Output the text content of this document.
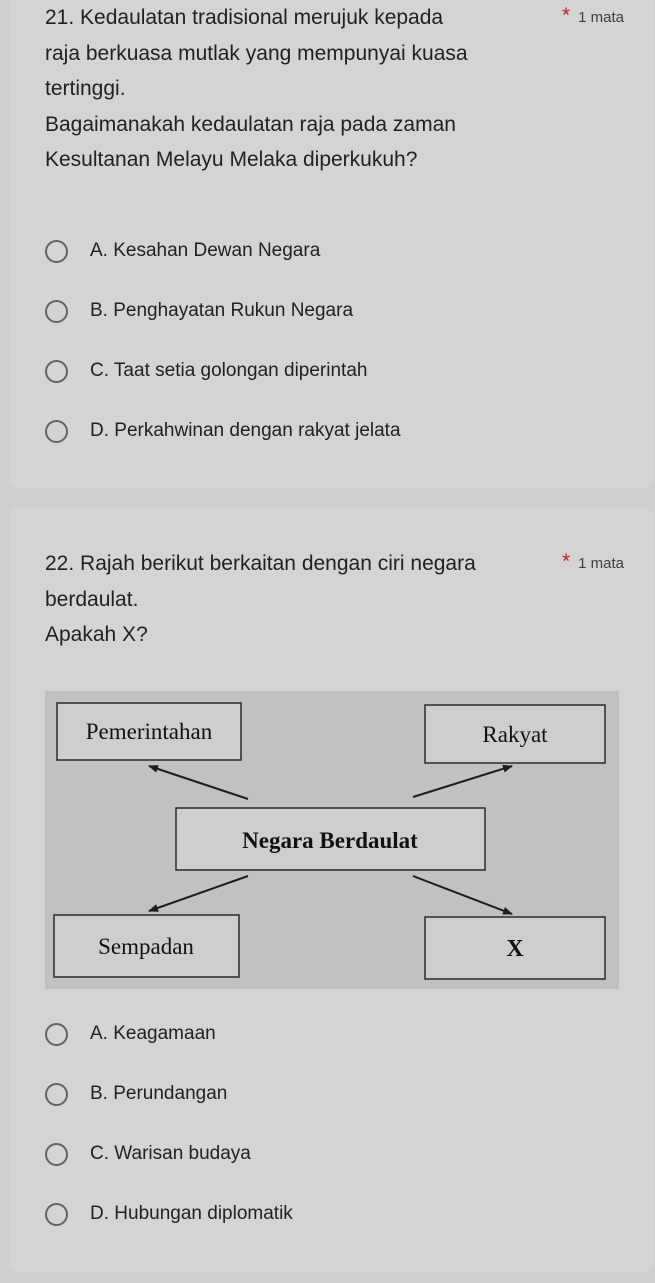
21. Kedaulatan tradisional merujuk kepada
raja berkuasa mutlak yang mempunyai kuasa
tertinggi.
Bagaimanakah kedaulatan raja pada zaman
Kesultanan Melayu Melaka diperkukuh?
* 1 mata
A. Kesahan Dewan Negara
B. Penghayatan Rukun Negara
C. Taat setia golongan diperintah
D. Perkahwinan dengan rakyat jelata
22. Rajah berikut berkaitan dengan ciri negara
berdaulat.
Apakah X?
* 1 mata
Pemerintahan	Rakyat
Negara Berdaulat
Sempadan	X
A. Keagamaan
B. Perundangan
C. Warisan budaya
D. Hubungan diplomatik
